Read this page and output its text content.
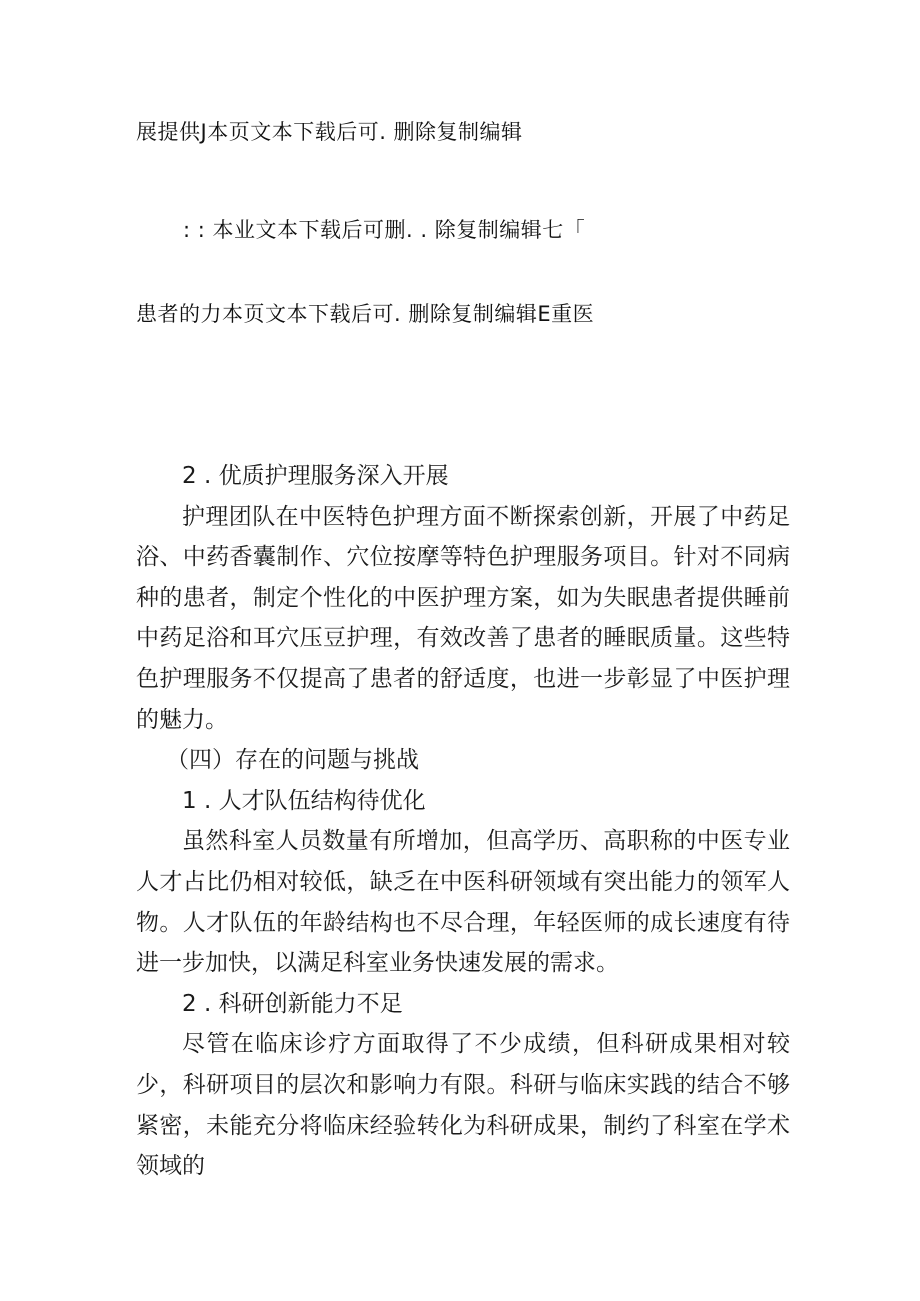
展提供J本页文本下载后可. 删除复制编辑
: : 本业文本下载后可删. . 除复制编辑七「
患者的力本页文本下载后可. 删除复制编辑E重医

2 . 优质护理服务深入开展

护理团队在中医特色护理方面不断探索创新，开展了中药足浴、中药香囊制作、穴位按摩等特色护理服务项目。针对不同病种的患者，制定个性化的中医护理方案，如为失眠患者提供睡前中药足浴和耳穴压豆护理，有效改善了患者的睡眠质量。这些特色护理服务不仅提高了患者的舒适度，也进一步彰显了中医护理的魅力。

（四）存在的问题与挑战

1 . 人才队伍结构待优化

虽然科室人员数量有所增加，但高学历、高职称的中医专业人才占比仍相对较低，缺乏在中医科研领域有突出能力的领军人物。人才队伍的年龄结构也不尽合理，年轻医师的成长速度有待进一步加快，以满足科室业务快速发展的需求。

2 . 科研创新能力不足

尽管在临床诊疗方面取得了不少成绩，但科研成果相对较少，科研项目的层次和影响力有限。科研与临床实践的结合不够紧密，未能充分将临床经验转化为科研成果，制约了科室在学术领域的
